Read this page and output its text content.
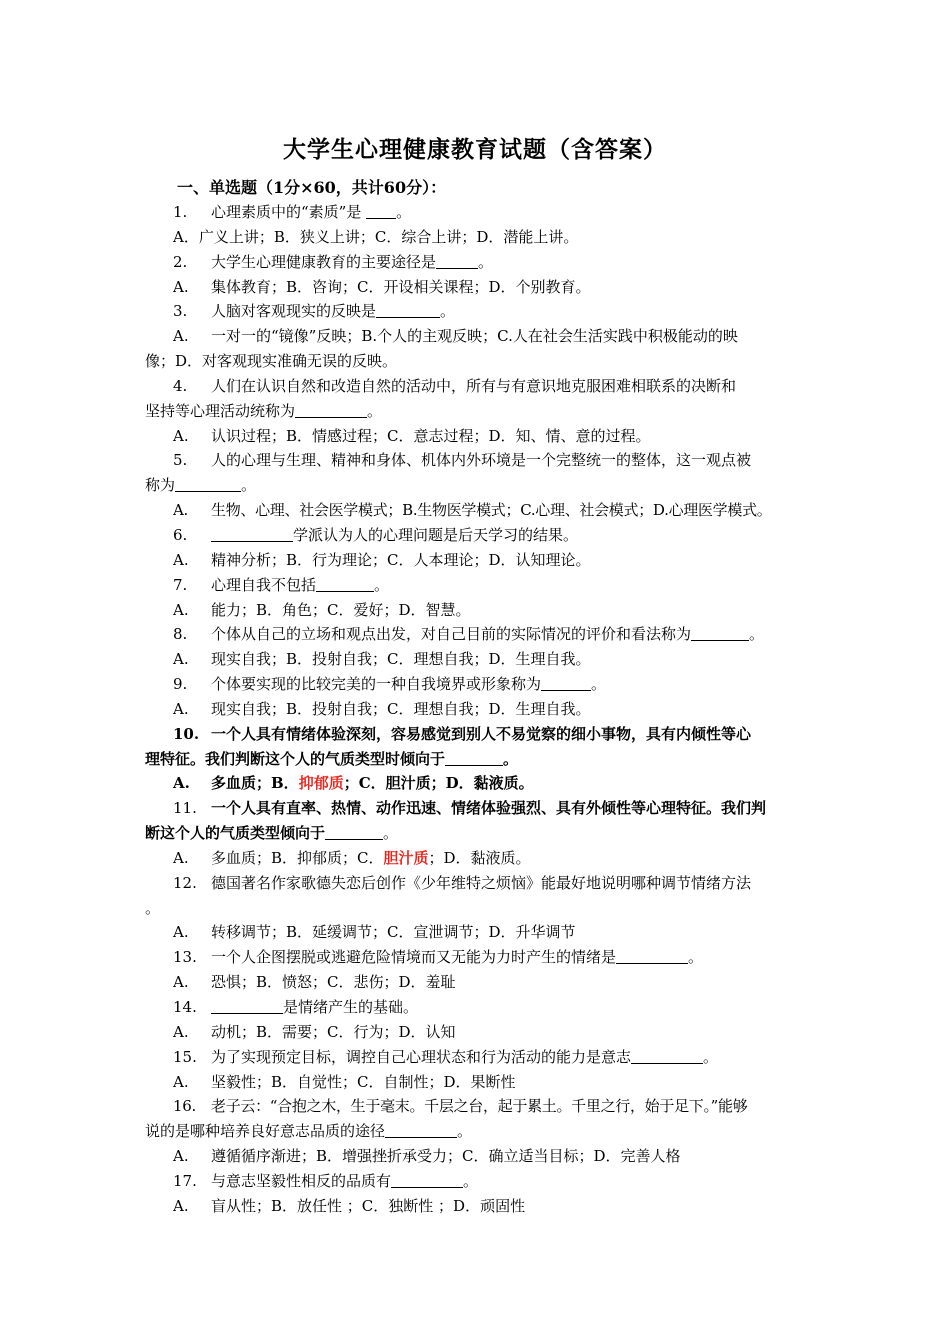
大学生心理健康教育试题（含答案）
一、单选题（1分×60，共计60分）：
1. 心理素质中的“素质”是 。
A．广义上讲；B．狭义上讲；C．综合上讲；D．潜能上讲。
2. 大学生心理健康教育的主要途径是	。
A. 集体教育；B．咨询；C．开设相关课程；D．个别教育。
3. 人脑对客观现实的反映是	。
A. 一对一的“镜像”反映；B.个人的主观反映；C.人在社会生活实践中积极能动的映
像；D．对客观现实准确无误的反映。
4. 人们在认识自然和改造自然的活动中，所有与有意识地克服困难相联系的决断和
坚持等心理活动统称为	。
A. 认识过程；B．情感过程；C．意志过程；D．知、情、意的过程。
5. 人的心理与生理、精神和身体、机体内外环境是一个完整统一的整体，这一观点被
称为	。
A. 生物、心理、社会医学模式；B.生物医学模式；C.心理、社会模式；D.心理医学模式。
6.	学派认为人的心理问题是后天学习的结果。
A. 精神分析；B．行为理论；C．人本理论；D．认知理论。
7. 心理自我不包括	。
A. 能力；B．角色；C．爱好；D．智慧。
8. 个体从自己的立场和观点出发，对自己目前的实际情况的评价和看法称为	。
A. 现实自我；B．投射自我；C．理想自我；D．生理自我。
9. 个体要实现的比较完美的一种自我境界或形象称为	。
A. 现实自我；B．投射自我；C．理想自我；D．生理自我。
10. 一个人具有情绪体验深刻，容易感觉到别人不易觉察的细小事物，具有内倾性等心
理特征。我们判断这个人的气质类型时倾向于	。
A. 多血质；B．抑郁质；C．胆汁质；D．黏液质。
11. 一个人具有直率、热情、动作迅速、情绪体验强烈、具有外倾性等心理特征。我们判
断这个人的气质类型倾向于	。
A. 多血质；B．抑郁质；C．胆汁质；D．黏液质。
12. 德国著名作家歌德失恋后创作《少年维特之烦恼》能最好地说明哪种调节情绪方法
。
A. 转移调节；B．延缓调节；C．宣泄调节；D．升华调节
13. 一个人企图摆脱或逃避危险情境而又无能为力时产生的情绪是	。
A. 恐惧；B．愤怒；C．悲伤；D．羞耻
14.	是情绪产生的基础。
A. 动机；B．需要；C．行为；D．认知
15. 为了实现预定目标，调控自己心理状态和行为活动的能力是意志	。
A. 坚毅性；B．自觉性；C．自制性；D．果断性
16. 老子云：“合抱之木，生于毫末。千层之台，起于累土。千里之行，始于足下。”能够
说的是哪种培养良好意志品质的途径	。
A. 遵循循序渐进；B．增强挫折承受力；C．确立适当目标；D．完善人格
17. 与意志坚毅性相反的品质有	。
A. 盲从性；B．放任性 ；C．独断性 ；D．顽固性
